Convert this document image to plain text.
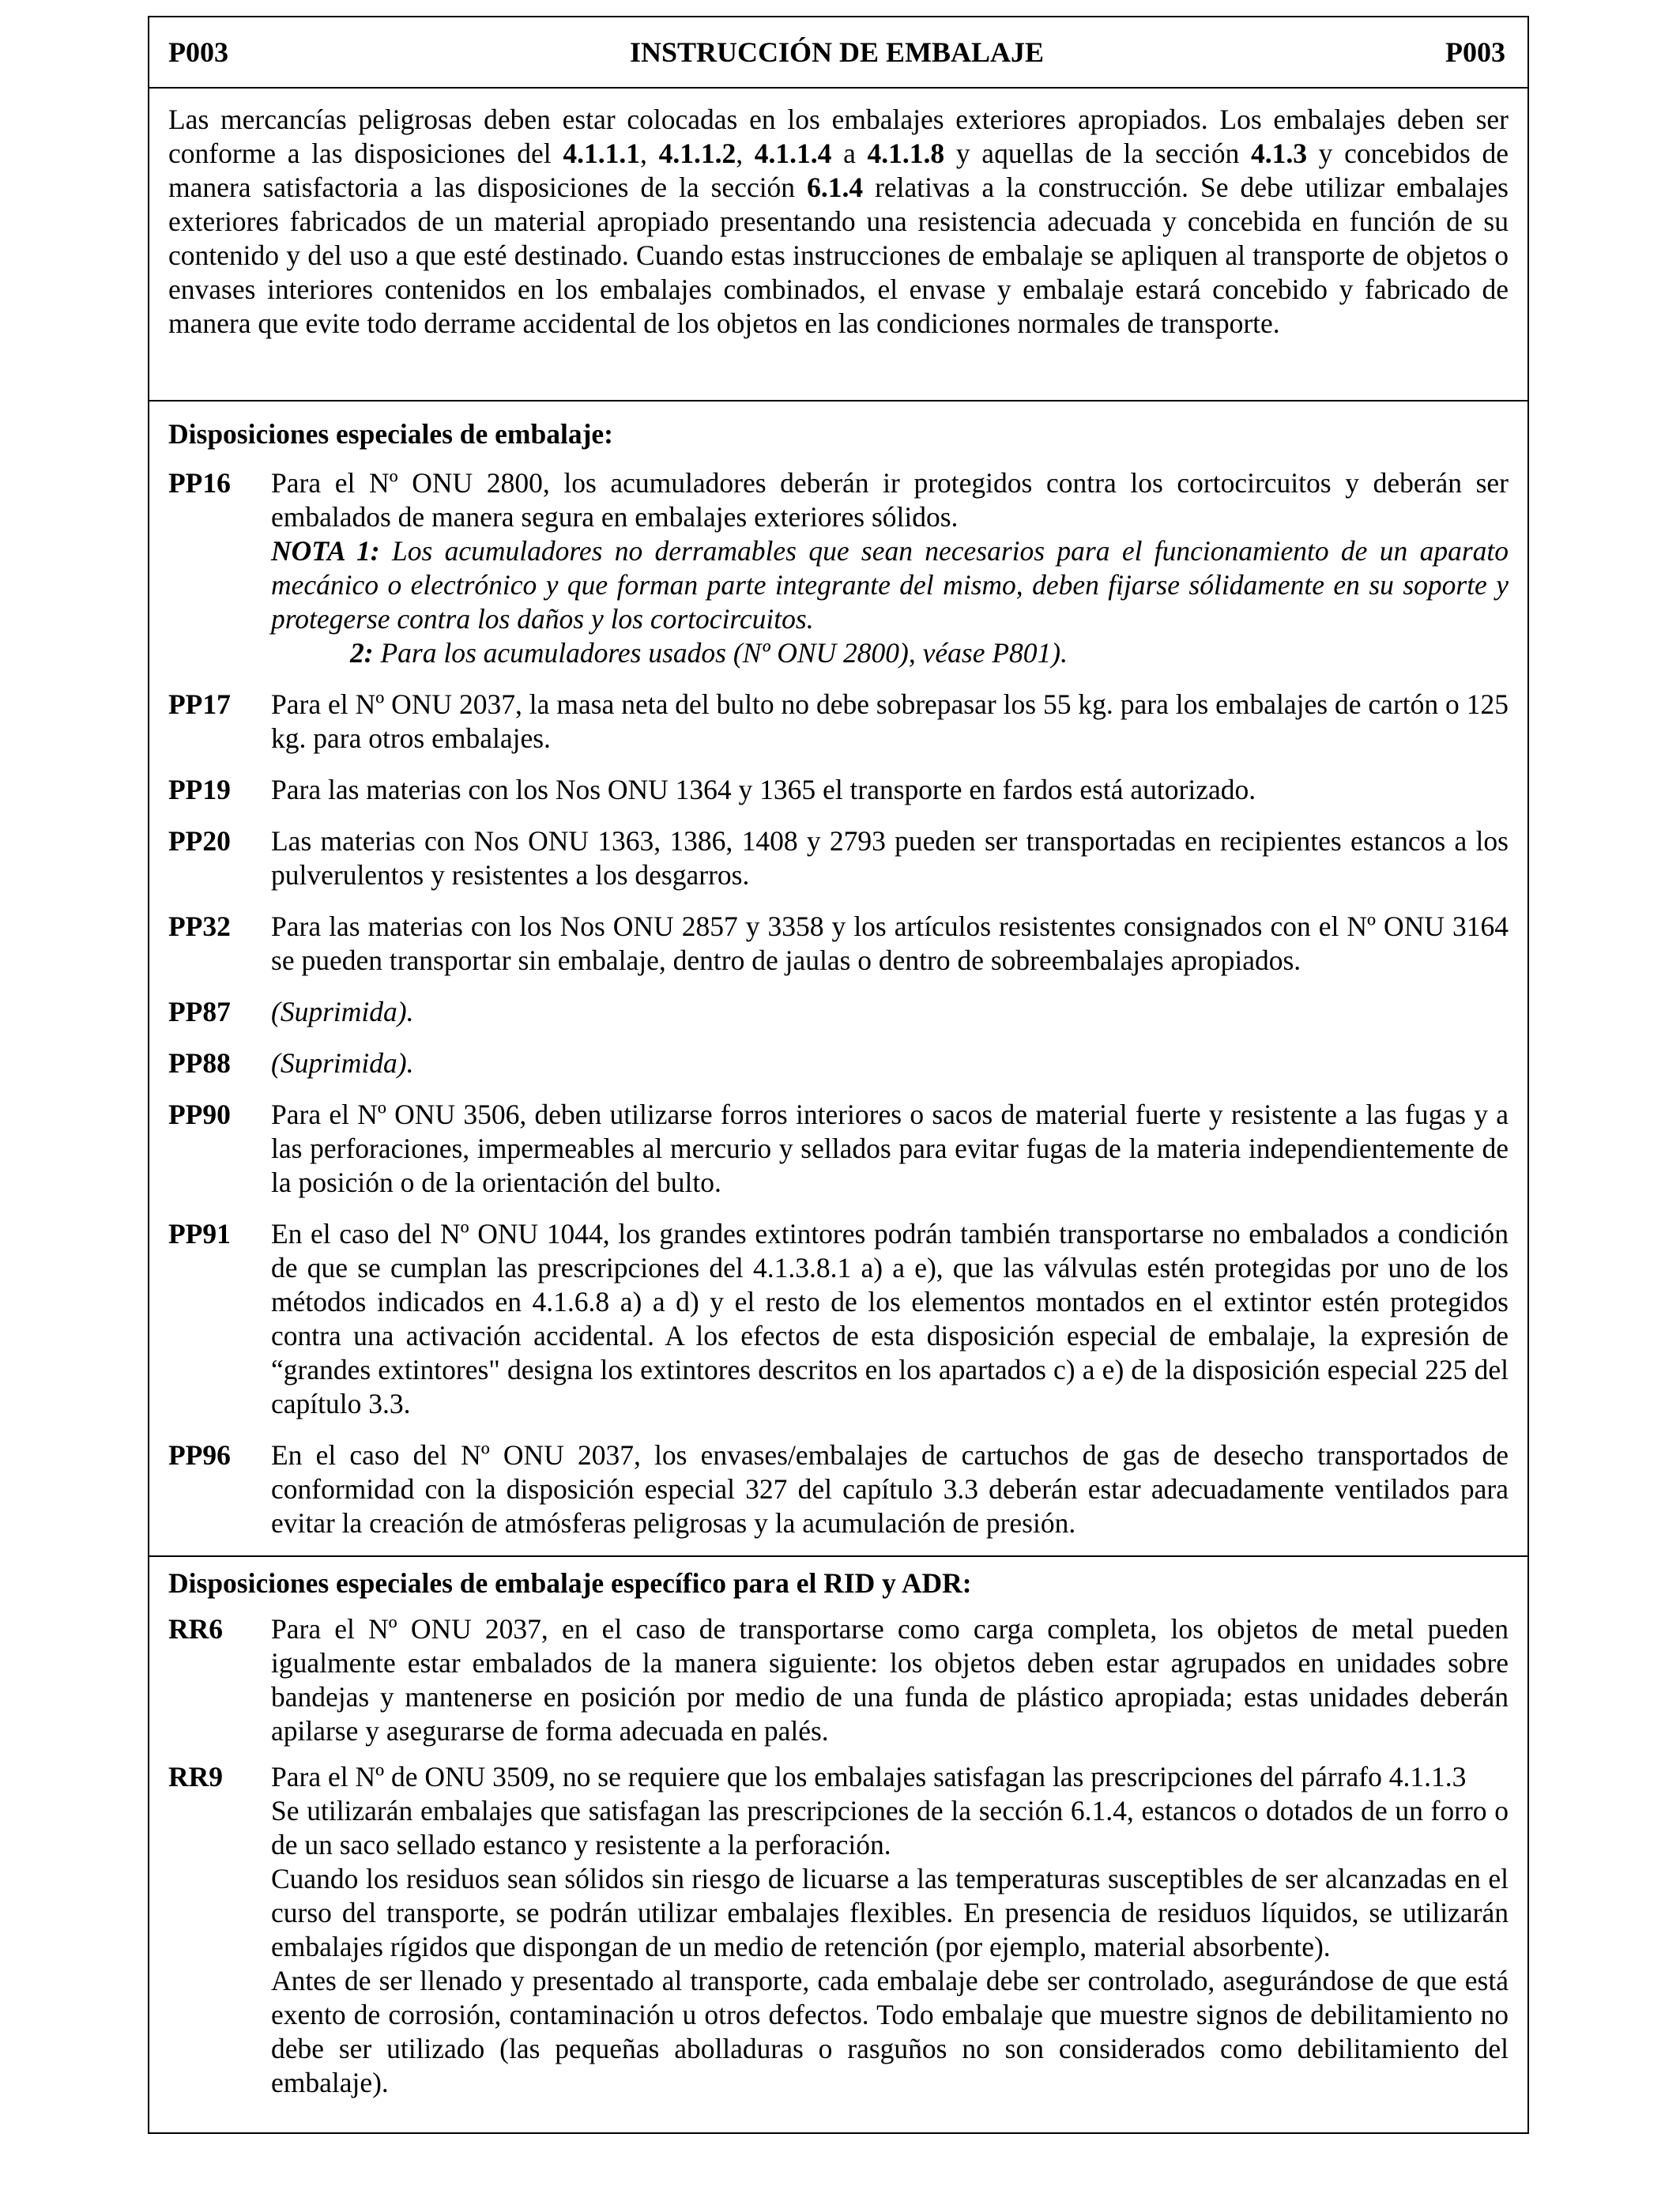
P003	INSTRUCCIÓN DE EMBALAJE	P003
Las mercancías peligrosas deben estar colocadas en los embalajes exteriores apropiados. Los embalajes deben ser conforme a las disposiciones del 4.1.1.1, 4.1.1.2, 4.1.1.4 a 4.1.1.8 y aquellas de la sección 4.1.3 y concebidos de manera satisfactoria a las disposiciones de la sección 6.1.4 relativas a la construcción. Se debe utilizar embalajes exteriores fabricados de un material apropiado presentando una resistencia adecuada y concebida en función de su contenido y del uso a que esté destinado. Cuando estas instrucciones de embalaje se apliquen al transporte de objetos o envases interiores contenidos en los embalajes combinados, el envase y embalaje estará concebido y fabricado de manera que evite todo derrame accidental de los objetos en las condiciones normales de transporte.
Disposiciones especiales de embalaje:
PP16	Para el Nº ONU 2800, los acumuladores deberán ir protegidos contra los cortocircuitos y deberán ser embalados de manera segura en embalajes exteriores sólidos.

NOTA 1: Los acumuladores no derramables que sean necesarios para el funcionamiento de un aparato mecánico o electrónico y que forman parte integrante del mismo, deben fijarse sólidamente en su soporte y protegerse contra los daños y los cortocircuitos.

2: Para los acumuladores usados (Nº ONU 2800), véase P801).

PP17	Para el Nº ONU 2037, la masa neta del bulto no debe sobrepasar los 55 kg. para los embalajes de cartón o 125 kg. para otros embalajes.
PP19	Para las materias con los Nos ONU 1364 y 1365 el transporte en fardos está autorizado.
PP20	Las materias con Nos ONU 1363, 1386, 1408 y 2793 pueden ser transportadas en recipientes estancos a los pulverulentos y resistentes a los desgarros.
PP32	Para las materias con los Nos ONU 2857 y 3358 y los artículos resistentes consignados con el Nº ONU 3164 se pueden transportar sin embalaje, dentro de jaulas o dentro de sobreembalajes apropiados.
PP87	(Suprimida).
PP88	(Suprimida).
PP90	Para el Nº ONU 3506, deben utilizarse forros interiores o sacos de material fuerte y resistente a las fugas y a las perforaciones, impermeables al mercurio y sellados para evitar fugas de la materia independientemente de la posición o de la orientación del bulto.
PP91	En el caso del Nº ONU 1044, los grandes extintores podrán también transportarse no embalados a condición de que se cumplan las prescripciones del 4.1.3.8.1 a) a e), que las válvulas estén protegidas por uno de los métodos indicados en 4.1.6.8 a) a d) y el resto de los elementos montados en el extintor estén protegidos contra una activación accidental. A los efectos de esta disposición especial de embalaje, la expresión de “grandes extintores" designa los extintores descritos en los apartados c) a e) de la disposición especial 225 del capítulo 3.3.
PP96	En el caso del Nº ONU 2037, los envases/embalajes de cartuchos de gas de desecho transportados de conformidad con la disposición especial 327 del capítulo 3.3 deberán estar adecuadamente ventilados para evitar la creación de atmósferas peligrosas y la acumulación de presión.
Disposiciones especiales de embalaje específico para el RID y ADR:
RR6	Para el Nº ONU 2037, en el caso de transportarse como carga completa, los objetos de metal pueden igualmente estar embalados de la manera siguiente: los objetos deben estar agrupados en unidades sobre bandejas y mantenerse en posición por medio de una funda de plástico apropiada; estas unidades deberán apilarse y asegurarse de forma adecuada en palés.
RR9	Para el Nº de ONU 3509, no se requiere que los embalajes satisfagan las prescripciones del párrafo 4.1.1.3

Se utilizarán embalajes que satisfagan las prescripciones de la sección 6.1.4, estancos o dotados de un forro o de un saco sellado estanco y resistente a la perforación.

Cuando los residuos sean sólidos sin riesgo de licuarse a las temperaturas susceptibles de ser alcanzadas en el curso del transporte, se podrán utilizar embalajes flexibles. En presencia de residuos líquidos, se utilizarán embalajes rígidos que dispongan de un medio de retención (por ejemplo, material absorbente).

Antes de ser llenado y presentado al transporte, cada embalaje debe ser controlado, asegurándose de que está exento de corrosión, contaminación u otros defectos. Todo embalaje que muestre signos de debilitamiento no debe ser utilizado (las pequeñas abolladuras o rasguños no son considerados como debilitamiento del embalaje).
